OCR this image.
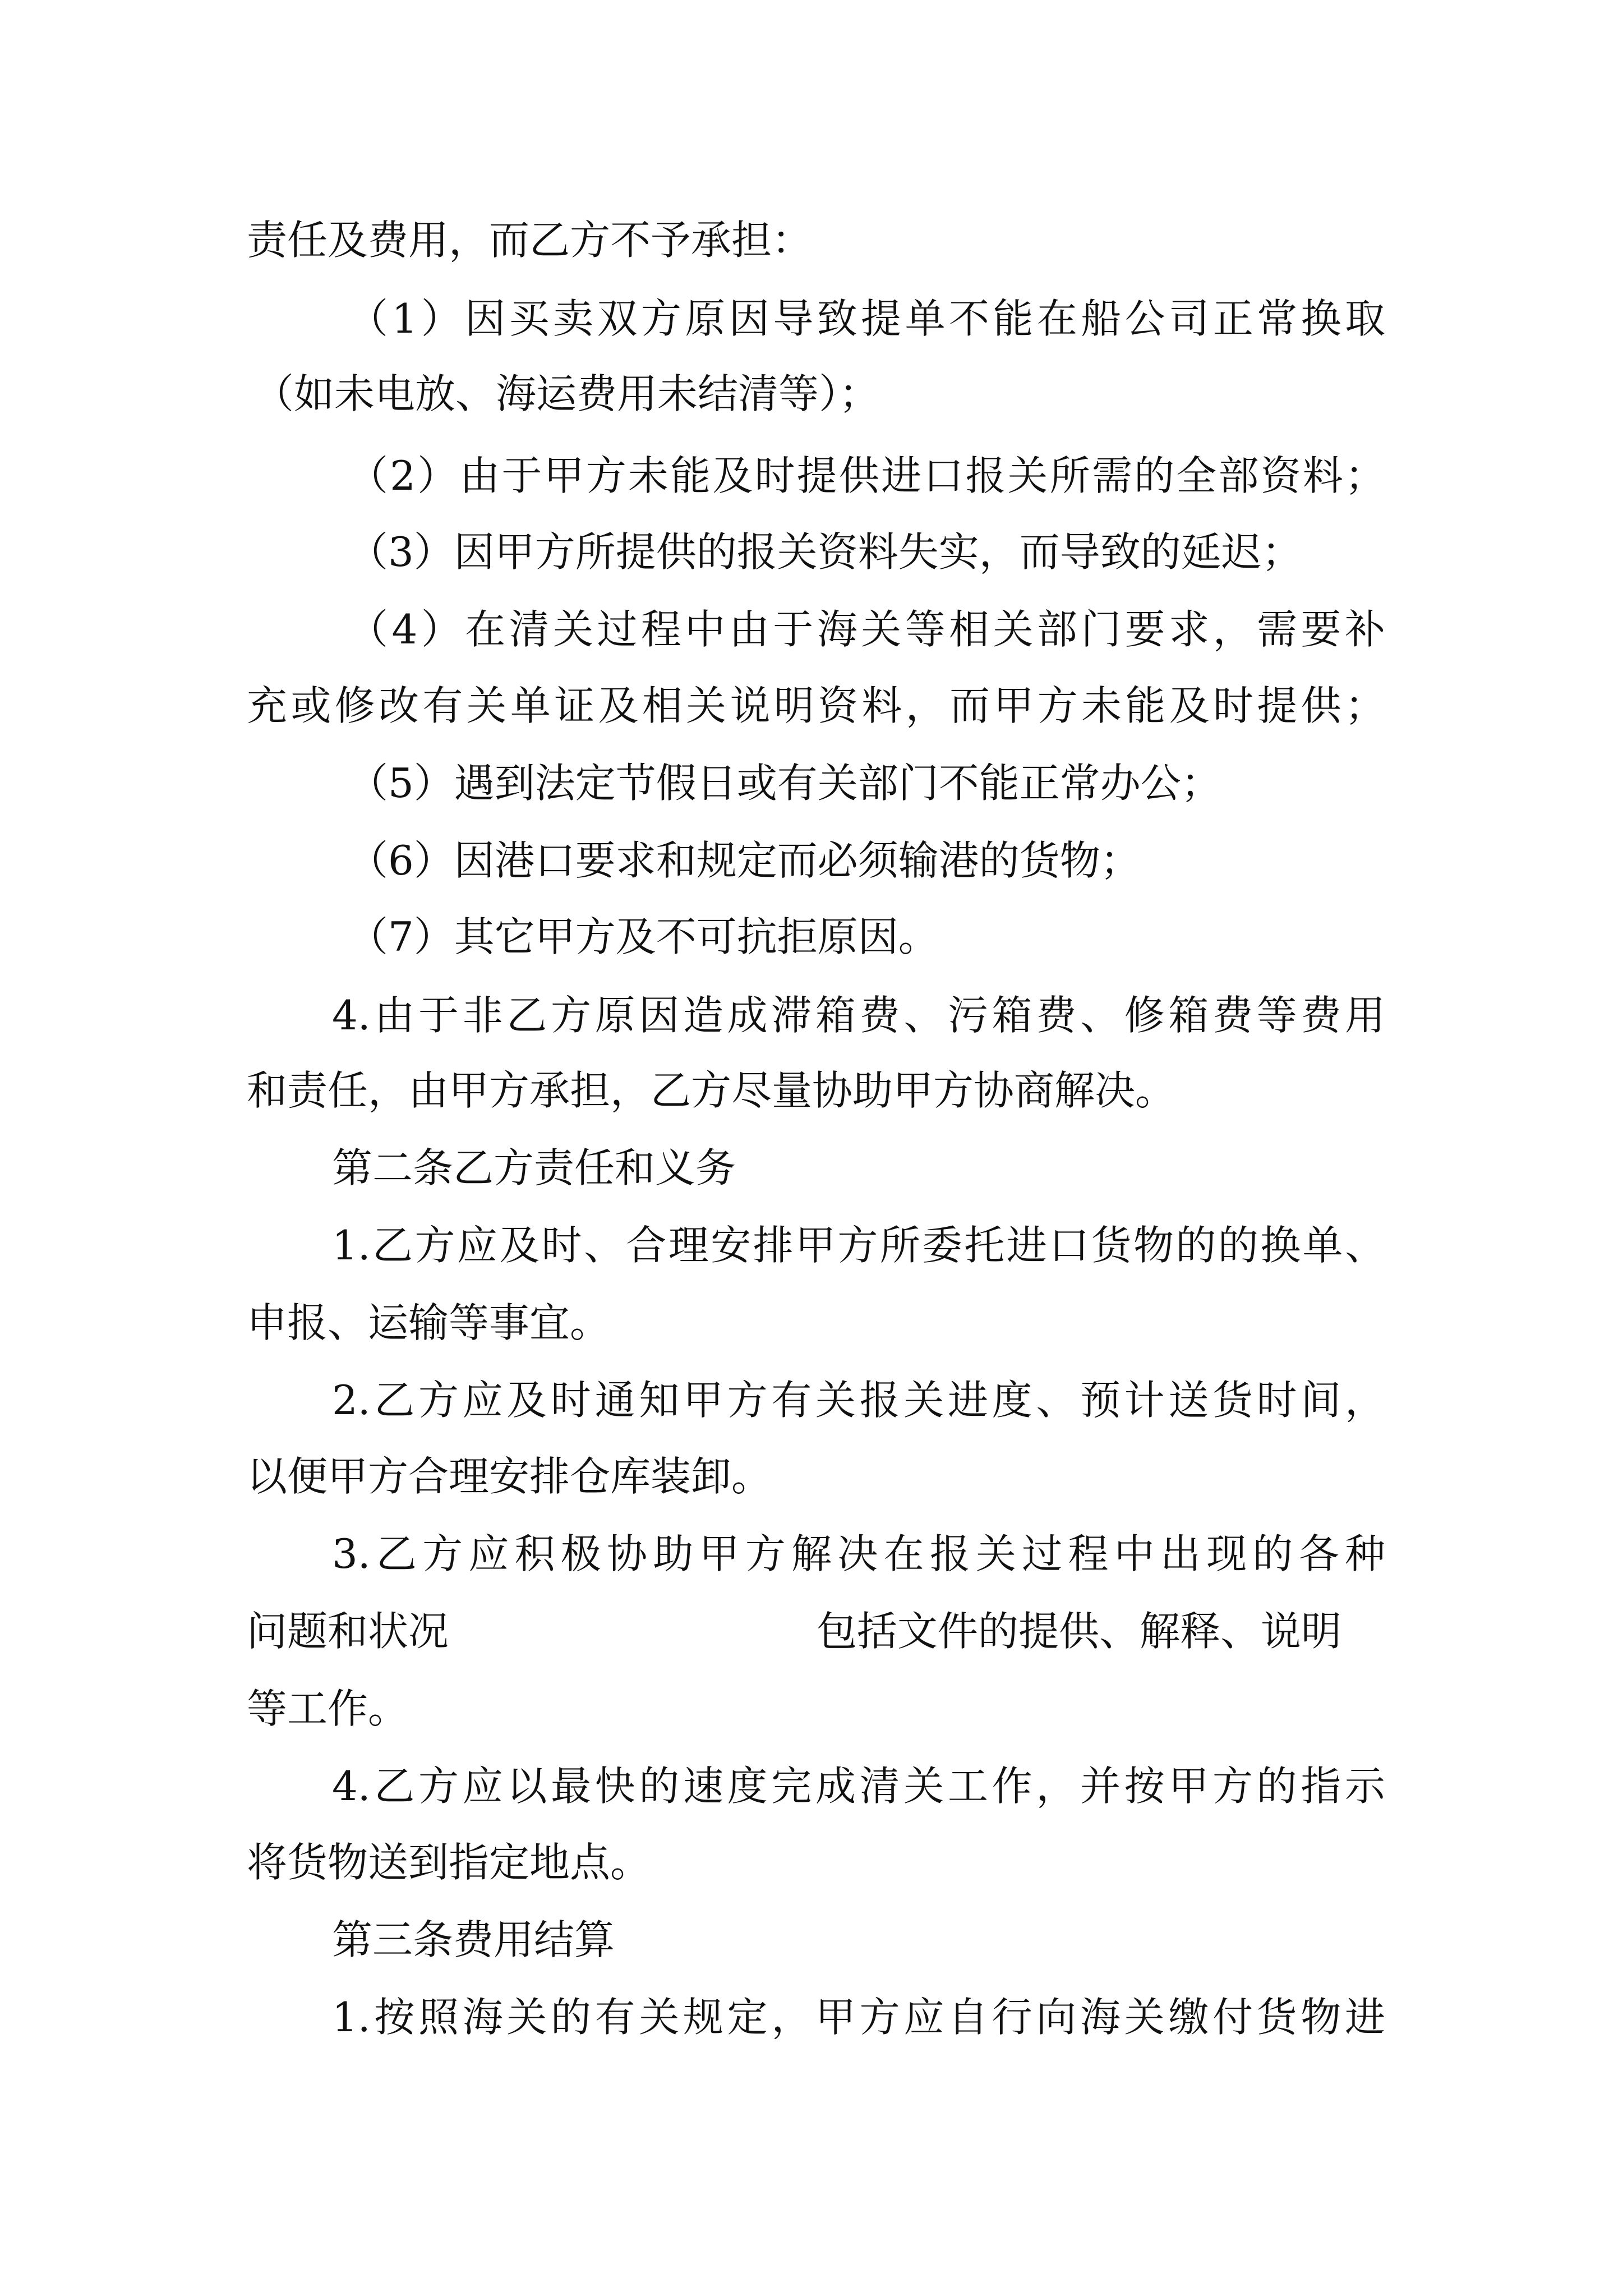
责任及费用，而乙方不予承担：
（1）因买卖双方原因导致提单不能在船公司正常换取
（如未电放、海运费用未结清等）；
（2）由于甲方未能及时提供进口报关所需的全部资料；
（3）因甲方所提供的报关资料失实，而导致的延迟；
（4）在清关过程中由于海关等相关部门要求，需要补
充或修改有关单证及相关说明资料，而甲方未能及时提供；
（5）遇到法定节假日或有关部门不能正常办公；
（6）因港口要求和规定而必须输港的货物；
（7）其它甲方及不可抗拒原因。
4.由于非乙方原因造成滞箱费、污箱费、修箱费等费用
和责任，由甲方承担，乙方尽量协助甲方协商解决。
第二条乙方责任和义务
1.乙方应及时、合理安排甲方所委托进口货物的的换单、
申报、运输等事宜。
2.乙方应及时通知甲方有关报关进度、预计送货时间，
以便甲方合理安排仓库装卸。
3.乙方应积极协助甲方解决在报关过程中出现的各种
问题和状况	包括文件的提供、解释、说明
等工作。
4.乙方应以最快的速度完成清关工作，并按甲方的指示
将货物送到指定地点。
第三条费用结算
1.按照海关的有关规定，甲方应自行向海关缴付货物进
